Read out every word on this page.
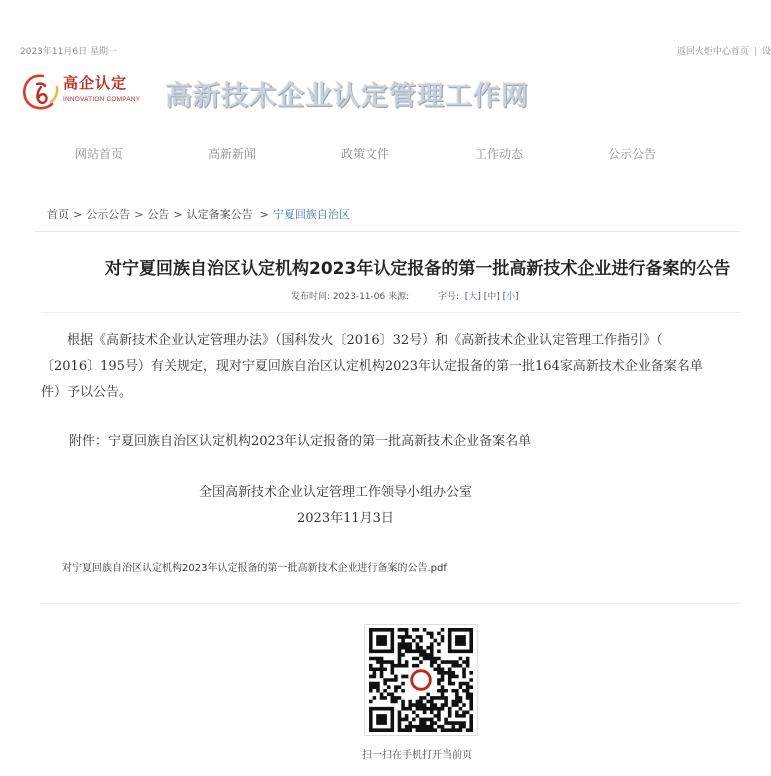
2023年11月6日 星期一	返回火炬中心首页 | 设
高企认定
INNOVATION COMPANY 高新技术企业认定管理工作网
网站首页	高新新闻	政策文件	工作动态	公示公告
首页 > 公示公告 > 公告 > 认定备案公告 > 宁夏回族自治区
对宁夏回族自治区认定机构2023年认定报备的第一批高新技术企业进行备案的公告
发布时间: 2023-11-06 来源:	字号:  [大] [中] [小]
　　根据《高新技术企业认定管理办法》（国科发火〔2016〕32号）和《高新技术企业认定管理工作指引》（
〔2016〕195号）有关规定，现对宁夏回族自治区认定机构2023年认定报备的第一批164家高新技术企业备案名单
件）予以公告。
附件：宁夏回族自治区认定机构2023年认定报备的第一批高新技术企业备案名单
全国高新技术企业认定管理工作领导小组办公室
2023年11月3日
对宁夏回族自治区认定机构2023年认定报备的第一批高新技术企业进行备案的公告.pdf
扫一扫在手机打开当前页
